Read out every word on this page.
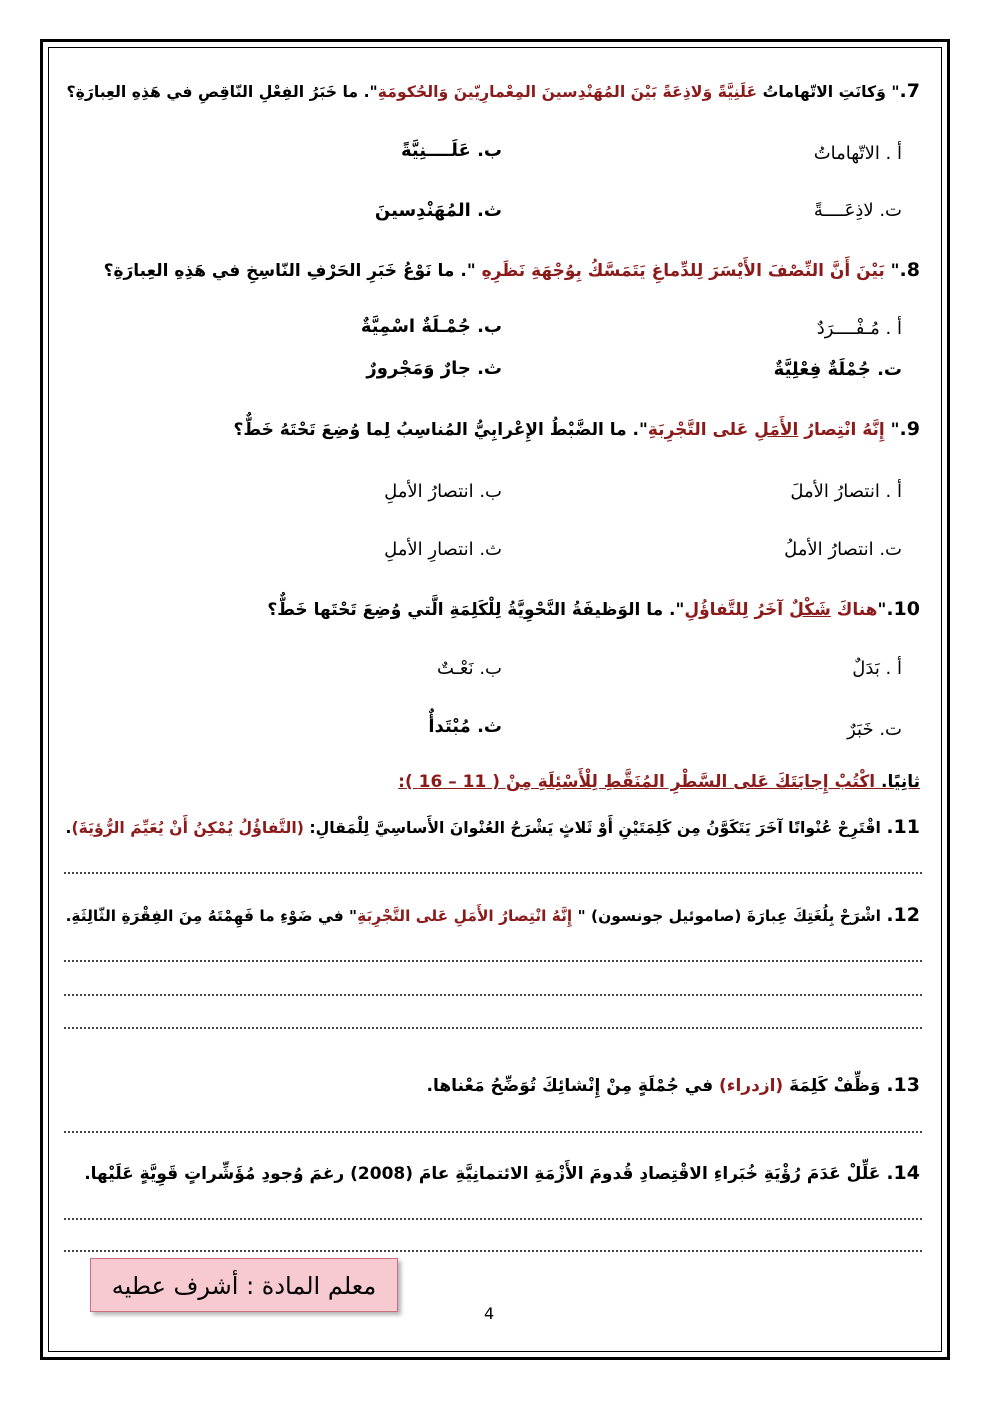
7." وَكانَتِ الاتّهاماتُ عَلَنِيَّةً وَلاذِعَةً بَيْنَ المُهَنْدِسينَ المِعْمارِيّينَ وَالحُكومَةِ". ما خَبَرُ الفِعْلِ النّاقِصِ في هَذِهِ العِبارَةِ؟
أ . الاتّهاماتُ
ب. عَلَــــنِيَّةً
ت. لاذِعَــــةً
ث. المُهَنْدِسينَ
8." بَيْنَ أَنَّ النِّصْفَ الأَيْسَرَ لِلدِّماغِ يَتَمَسَّكُ بِوُجْهَةِ نَظَرِهِ ". ما نَوْعُ خَبَرِ الحَرْفِ النّاسِخِ في هَذِهِ العِبارَةِ؟
أ . مُـفْــــرَدٌ
ب. جُمْـلَةٌ اسْمِيَّةٌ
ت. جُمْلَةٌ فِعْلِيَّةٌ
ث. جارٌ وَمَجْرورٌ
9." إِنَّهُ انْتِصارُ الأَمَلِ عَلى التَّجْرِبَةِ". ما الضَّبْطُ الإِعْرابِيُّ المُناسِبُ لِما وُضِعَ تَحْتَهُ خَطٌّ؟
أ . انتصارُ الأملَ
ب. انتصارُ الأملِ
ت. انتصارُ الأملُ
ث. انتصارِ الأملِ
10."هناكَ شَكْلٌ آخَرُ لِلتَّفاؤُلِ". ما الوَظيفَةُ النَّحْوِيَّةُ لِلْكَلِمَةِ الَّتي وُضِعَ تَحْتَها خَطٌّ؟
أ . بَدَلٌ
ب. نَعْـتٌ
ت. خَبَرٌ
ث. مُبْتَدأٌ
ثانِيًا. اكْتُبْ إِجابَتَكَ عَلى السَّطْرِ المُنَقَّطِ لِلْأَسْئِلَةِ مِنْ ( 11 – 16 ):
11. اقْتَرِحْ عُنْوانًا آخَرَ يَتَكَوَّنُ مِن كَلِمَتَيْنِ أَوْ ثَلاثٍ يَشْرَحُ العُنْوانَ الأَساسِيَّ لِلْمَقالِ: (التَّفاؤُلُ يُمْكِنُ أَنْ يُعَيِّمَ الرُّؤيَةَ).
12. اشْرَحْ بِلُغَتِكَ عِبارَةَ (صاموئيل جونسون) " إِنَّهُ انْتِصارُ الأَمَلِ عَلى التَّجْرِبَةِ" في ضَوْءِ ما فَهِمْتَهُ مِنَ الفِقْرَةِ الثّالِثَةِ.
13. وَظِّفْ كَلِمَةَ (ازدراء) في جُمْلَةٍ مِنْ إِنْشائِكَ تُوَضِّحُ مَعْناها.
14. عَلِّلْ عَدَمَ رُؤْيَةِ خُبَراءِ الاقْتِصادِ قُدومَ الأَزْمَةِ الائتمانِيَّةِ عامَ (2008) رغمَ وُجودِ مُؤَشِّراتٍ قَوِيَّةٍ عَلَيْها.
معلم المادة : أشرف عطيه
4
